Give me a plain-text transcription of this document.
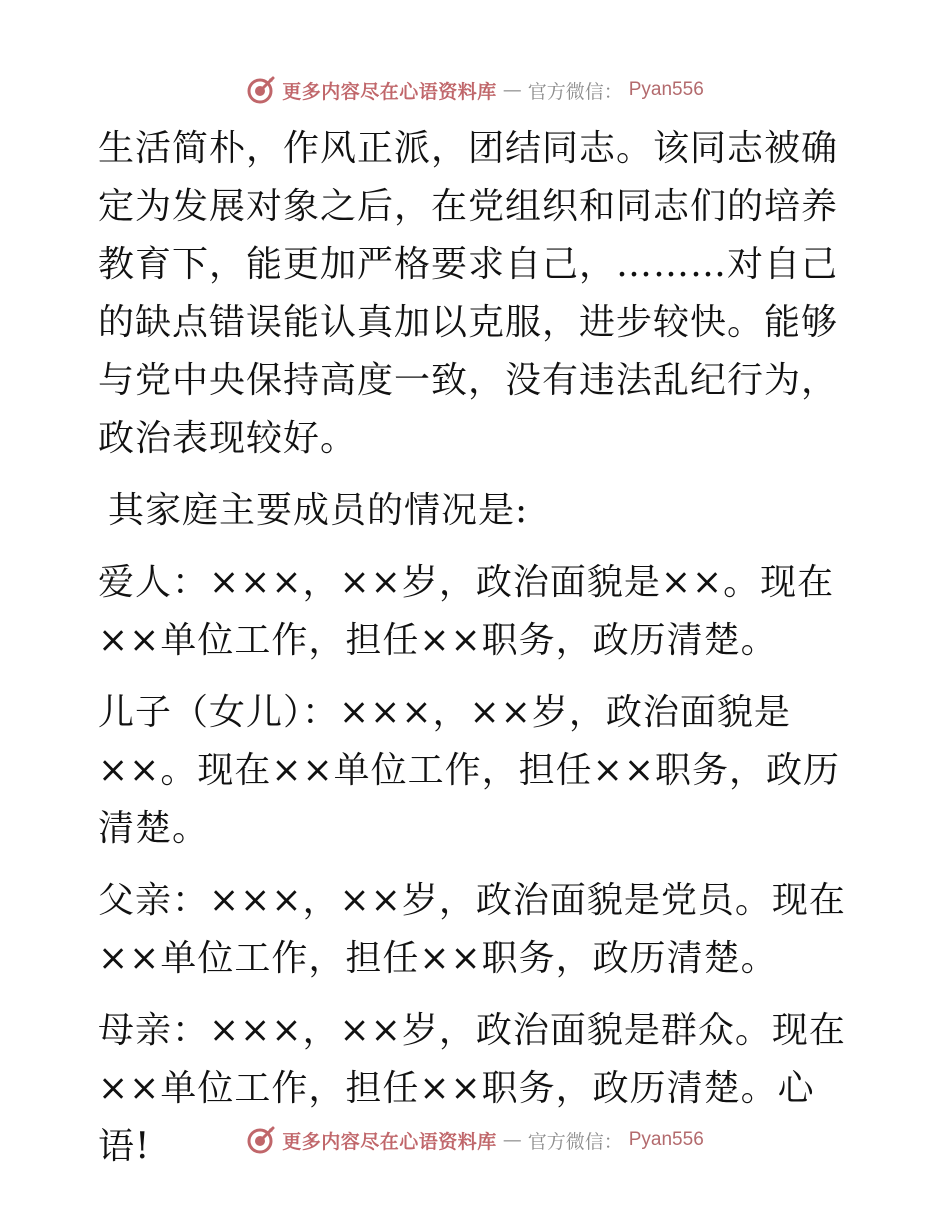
更多内容尽在心语资料库 — 官方微信： Pyan556

生活简朴，作风正派，团结同志。该同志被确定为发展对象之后，在党组织和同志们的培养教育下，能更加严格要求自己，………对自己的缺点错误能认真加以克服，进步较快。能够与党中央保持高度一致，没有违法乱纪行为，政治表现较好。

其家庭主要成员的情况是:

爱人：×××，××岁，政治面貌是××。现在××单位工作，担任××职务，政历清楚。

儿子（女儿）：×××，××岁，政治面貌是××。现在××单位工作，担任××职务，政历清楚。

父亲：×××，××岁，政治面貌是党员。现在××单位工作，担任××职务，政历清楚。

母亲：×××，××岁，政治面貌是群众。现在××单位工作，担任××职务，政历清楚。心语!	更多内容尽在心语资料库 — 官方微信： Pyan556
